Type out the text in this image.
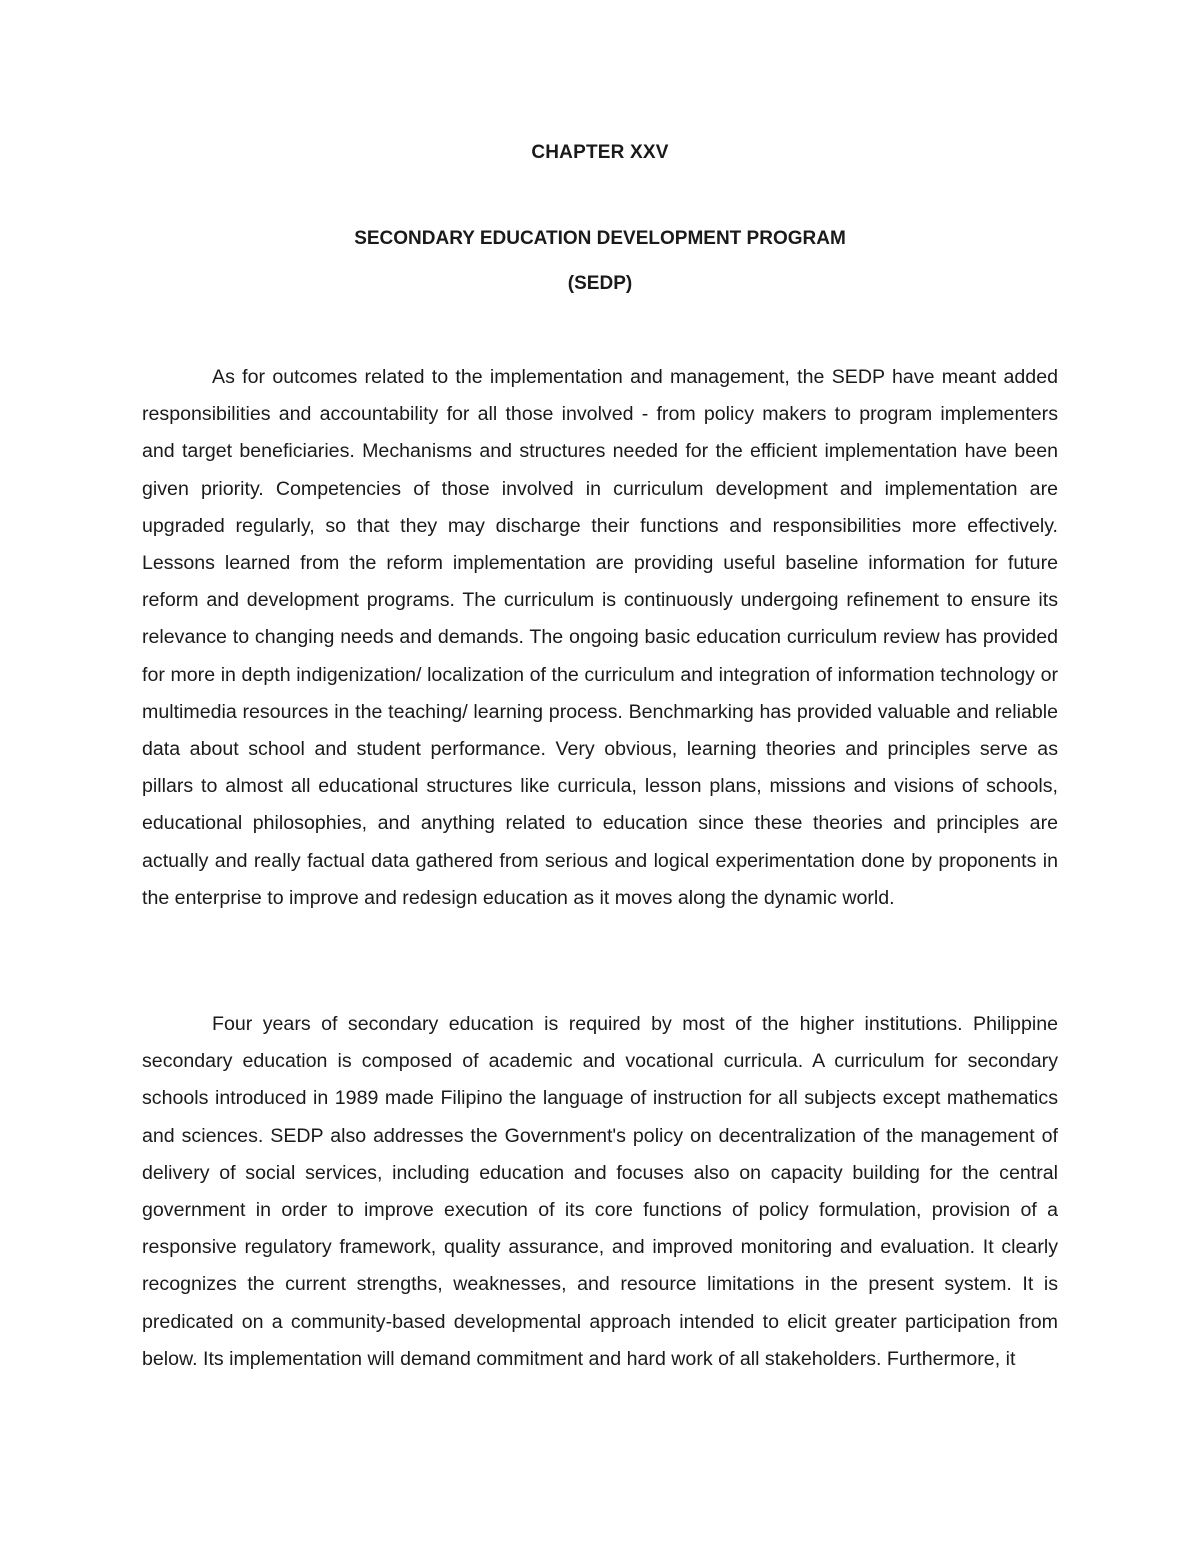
CHAPTER XXV
SECONDARY EDUCATION DEVELOPMENT PROGRAM
(SEDP)

As for outcomes related to the implementation and management, the SEDP have meant added responsibilities and accountability for all those involved - from policy makers to program implementers and target beneficiaries. Mechanisms and structures needed for the efficient implementation have been given priority. Competencies of those involved in curriculum development and implementation are upgraded regularly, so that they may discharge their functions and responsibilities more effectively. Lessons learned from the reform implementation are providing useful baseline information for future reform and development programs. The curriculum is continuously undergoing refinement to ensure its relevance to changing needs and demands. The ongoing basic education curriculum review has provided for more in depth indigenization/ localization of the curriculum and integration of information technology or multimedia resources in the teaching/ learning process. Benchmarking has provided valuable and reliable data about school and student performance. Very obvious, learning theories and principles serve as pillars to almost all educational structures like curricula, lesson plans, missions and visions of schools, educational philosophies, and anything related to education since these theories and principles are actually and really factual data gathered from serious and logical experimentation done by proponents in the enterprise to improve and redesign education as it moves along the dynamic world.

Four years of secondary education is required by most of the higher institutions. Philippine secondary education is composed of academic and vocational curricula. A curriculum for secondary schools introduced in 1989 made Filipino the language of instruction for all subjects except mathematics and sciences. SEDP also addresses the Government's policy on decentralization of the management of delivery of social services, including education and focuses also on capacity building for the central government in order to improve execution of its core functions of policy formulation, provision of a responsive regulatory framework, quality assurance, and improved monitoring and evaluation. It clearly recognizes the current strengths, weaknesses, and resource limitations in the present system. It is predicated on a community-based developmental approach intended to elicit greater participation from below. Its implementation will demand commitment and hard work of all stakeholders. Furthermore, it
